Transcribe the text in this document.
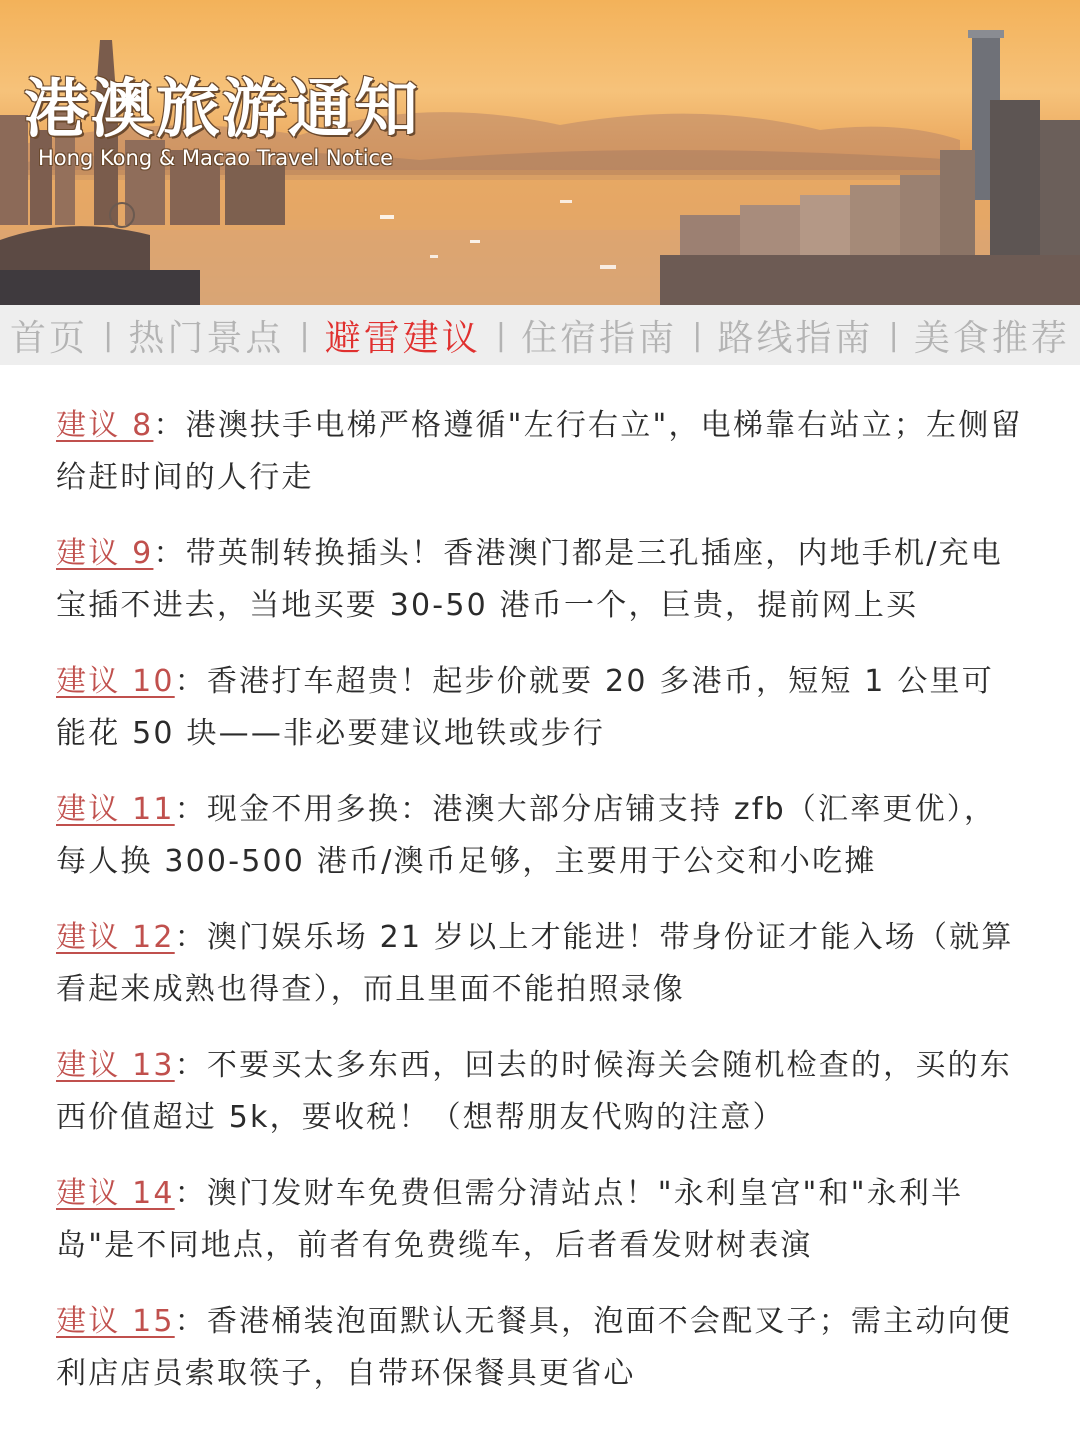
港澳旅游通知
Hong Kong & Macao Travel Notice
首页 | 热门景点 | 避雷建议 | 住宿指南 | 路线指南 | 美食推荐

建议 8：港澳扶手电梯严格遵循"左行右立"，电梯靠右站立；左侧留给赶时间的人行走

建议 9：带英制转换插头！香港澳门都是三孔插座，内地手机/充电宝插不进去，当地买要 30-50 港币一个，巨贵，提前网上买

建议 10：香港打车超贵！起步价就要 20 多港币，短短 1 公里可能花 50 块——非必要建议地铁或步行

建议 11：现金不用多换：港澳大部分店铺支持 zfb（汇率更优），每人换 300-500 港币/澳币足够，主要用于公交和小吃摊

建议 12：澳门娱乐场 21 岁以上才能进！带身份证才能入场（就算看起来成熟也得查），而且里面不能拍照录像

建议 13：不要买太多东西，回去的时候海关会随机检查的，买的东西价值超过 5k，要收税！（想帮朋友代购的注意）

建议 14：澳门发财车免费但需分清站点！"永利皇宫"和"永利半岛"是不同地点，前者有免费缆车，后者看发财树表演

建议 15：香港桶装泡面默认无餐具，泡面不会配叉子；需主动向便利店店员索取筷子，自带环保餐具更省心
